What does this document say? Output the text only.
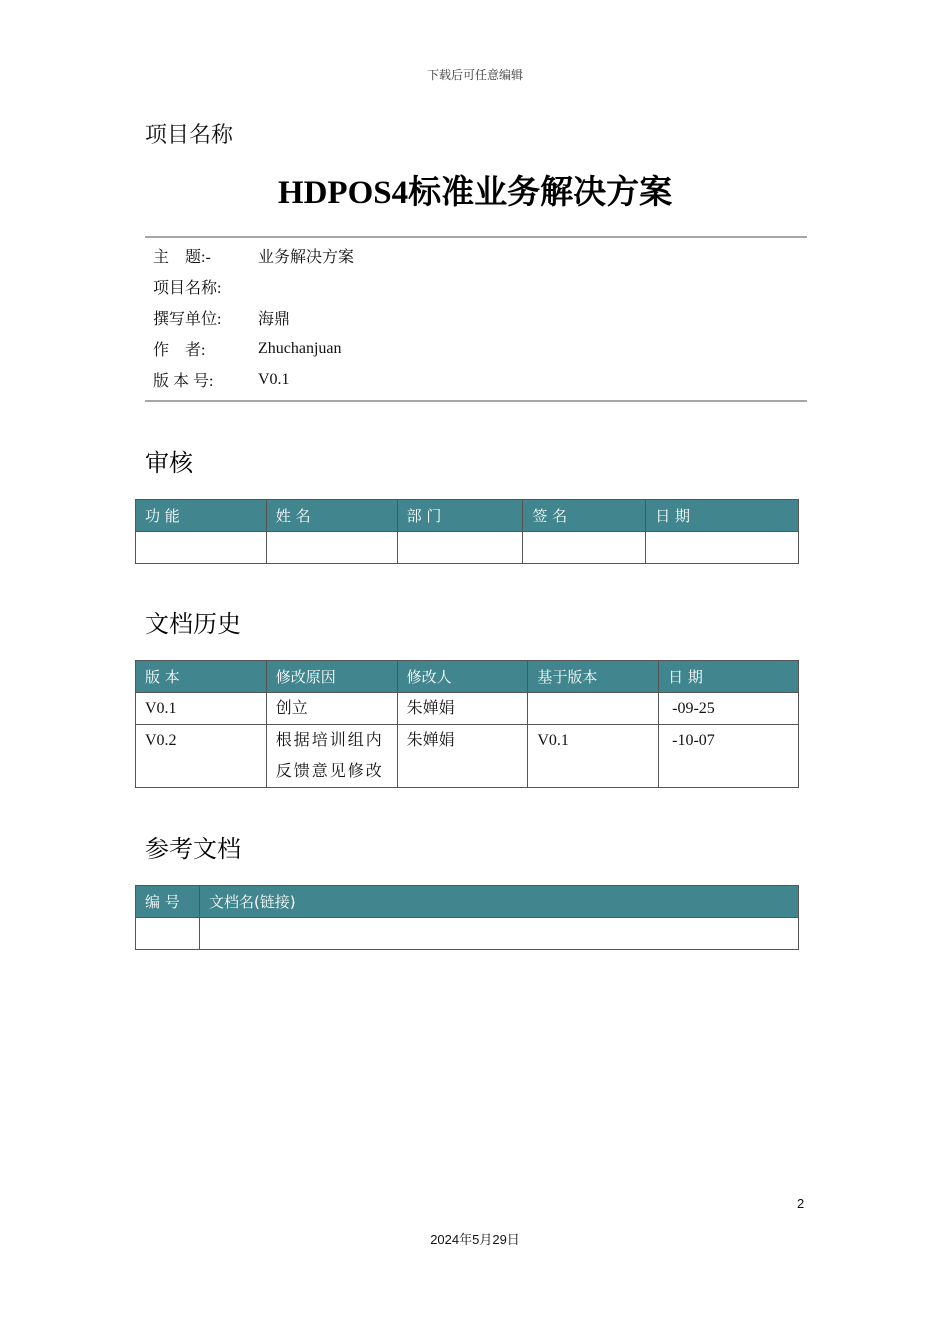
下载后可任意编辑
项目名称
HDPOS4标准业务解决方案
主    题:-	业务解决方案
项目名称:
撰写单位:	海鼎
作    者:	Zhuchanjuan
版 本 号:	V0.1
审核
功 能	姓 名	部 门	签 名	日 期

文档历史
版 本	修改原因	修改人	基于版本	日 期
V0.1	创立	朱婵娟		-09-25
V0.2	根据培训组内反馈意见修改	朱婵娟	V0.1	-10-07
参考文档
编 号	文档名(链接)

2
2024年5月29日
